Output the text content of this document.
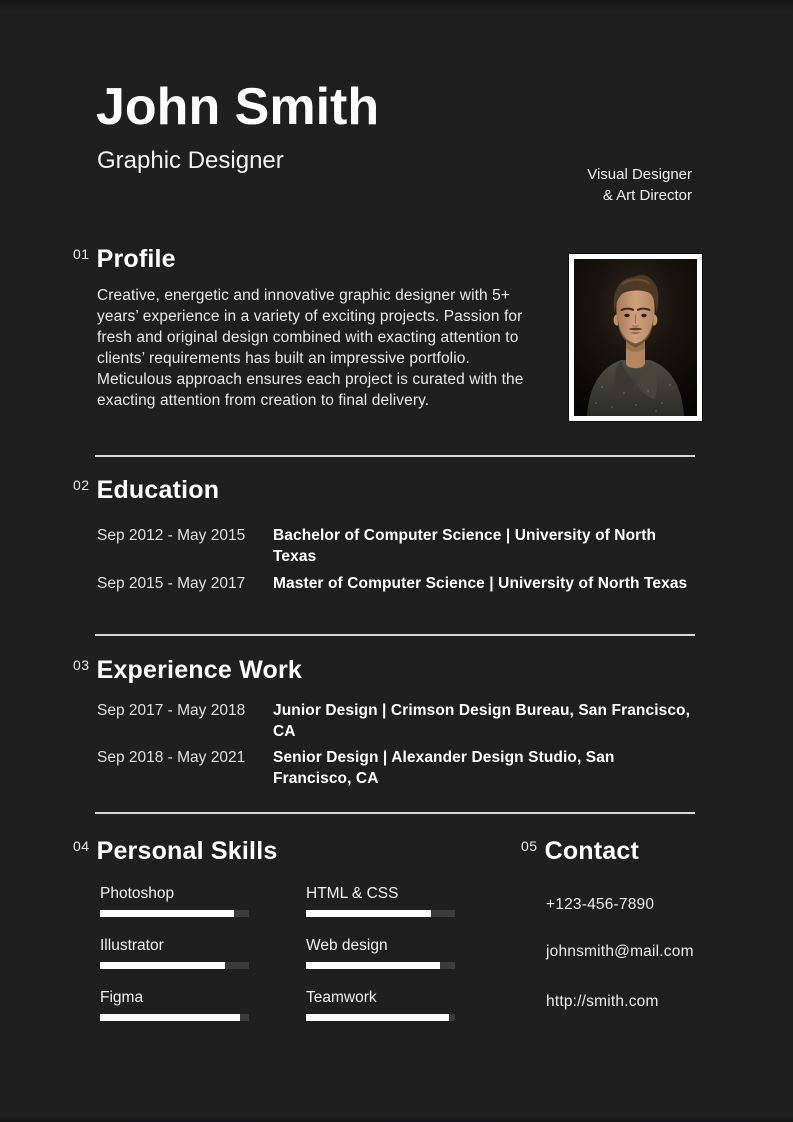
John Smith
Graphic Designer
Visual Designer
& Art Director
01 Profile

Creative, energetic and innovative graphic designer with 5+ years’ experience in a variety of exciting projects. Passion for fresh and original design combined with exacting attention to clients’ requirements has built an impressive portfolio. Meticulous approach ensures each project is curated with the exacting attention from creation to final delivery.

02 Education
Sep 2012 - May 2015	Bachelor of Computer Science | University of North Texas
Sep 2015 - May 2017	Master of Computer Science | University of North Texas
03 Experience Work
Sep 2017 - May 2018	Junior Design | Crimson Design Bureau, San Francisco, CA
Sep 2018 - May 2021	Senior Design | Alexander Design Studio, San Francisco, CA
04 Personal Skills
Photoshop
Illustrator
Figma
HTML & CSS
Web design
Teamwork
05 Contact
+123-456-7890
johnsmith@mail.com
http://smith.com
